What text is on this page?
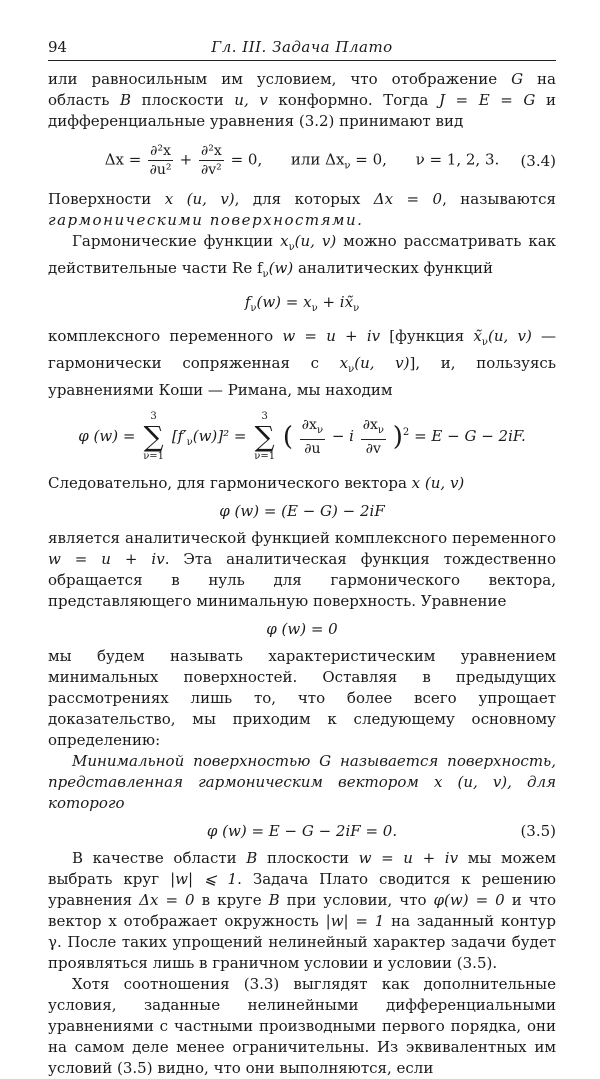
94	Гл. III. Задача Плато

или равносильным им условием, что отображение G на область B плоскости u, v конформно. Тогда J = E = G и дифференциальные уравнения (3.2) принимают вид

$\Delta x = \frac{\text{∂²x}}{\text{∂u²}} + \frac{\text{∂²x}}{\text{∂v²}} = 0$, или $\Delta x_\nu = 0$, ν = 1, 2, 3. (3.4)

Поверхности x (u, v), для которых Δx = 0, называются гармоническими поверхностями.

Гармонические функции $x_\nu(u$, v) можно рассматривать как действительные части Re $f_\nu(w)$ аналитических функций

$f_\nu(w) = x_\nu$ + $ix̃_\nu$

комплексного переменного w = u + iv [функция $x̃_\nu(u$, v) — гармонически сопряженная с $x_\nu(u$, v)], и, пользуясь уравнениями Коши — Римана, мы находим

φ (w) =
3
∑
ν=1
$[f'_\nu(w)]^2$ =
3
∑
ν=1
( $\frac{\partial x_\nu}{\partial u} - i \frac{\partial x_\nu}{\partial v} )^2 = E - G - 2iF$.

Следовательно, для гармонического вектора x (u, v)

φ (w) = (E − G) − 2iF

является аналитической функцией комплексного переменного w = u + iv. Эта аналитическая функция тождественно обращается в нуль для гармонического вектора, представляющего минимальную поверхность. Уравнение

φ (w) = 0

мы будем называть характеристическим уравнением минимальных поверхностей. Оставляя в предыдущих рассмотрениях лишь то, что более всего упрощает доказательство, мы приходим к следующему основному определению:

Минимальной поверхностью G называется поверхность, представленная гармоническим вектором x (u, v), для которого

φ (w) = E − G − 2iF = 0.	(3.5)

В качестве области B плоскости w = u + iv мы можем выбрать круг |w| ⩽ 1. Задача Плато сводится к решению уравнения Δx = 0 в круге B при условии, что φ(w) = 0 и что вектор x отображает окружность |w| = 1 на заданный контур γ. После таких упрощений нелинейный характер задачи будет проявляться лишь в граничном условии и условии (3.5).

Хотя соотношения (3.3) выглядят как дополнительные условия, заданные нелинейными дифференциальными уравнениями с частными производными первого порядка, они на самом деле менее ограничительны. Из эквивалентных им условий (3.5) видно, что они выполняются, если
